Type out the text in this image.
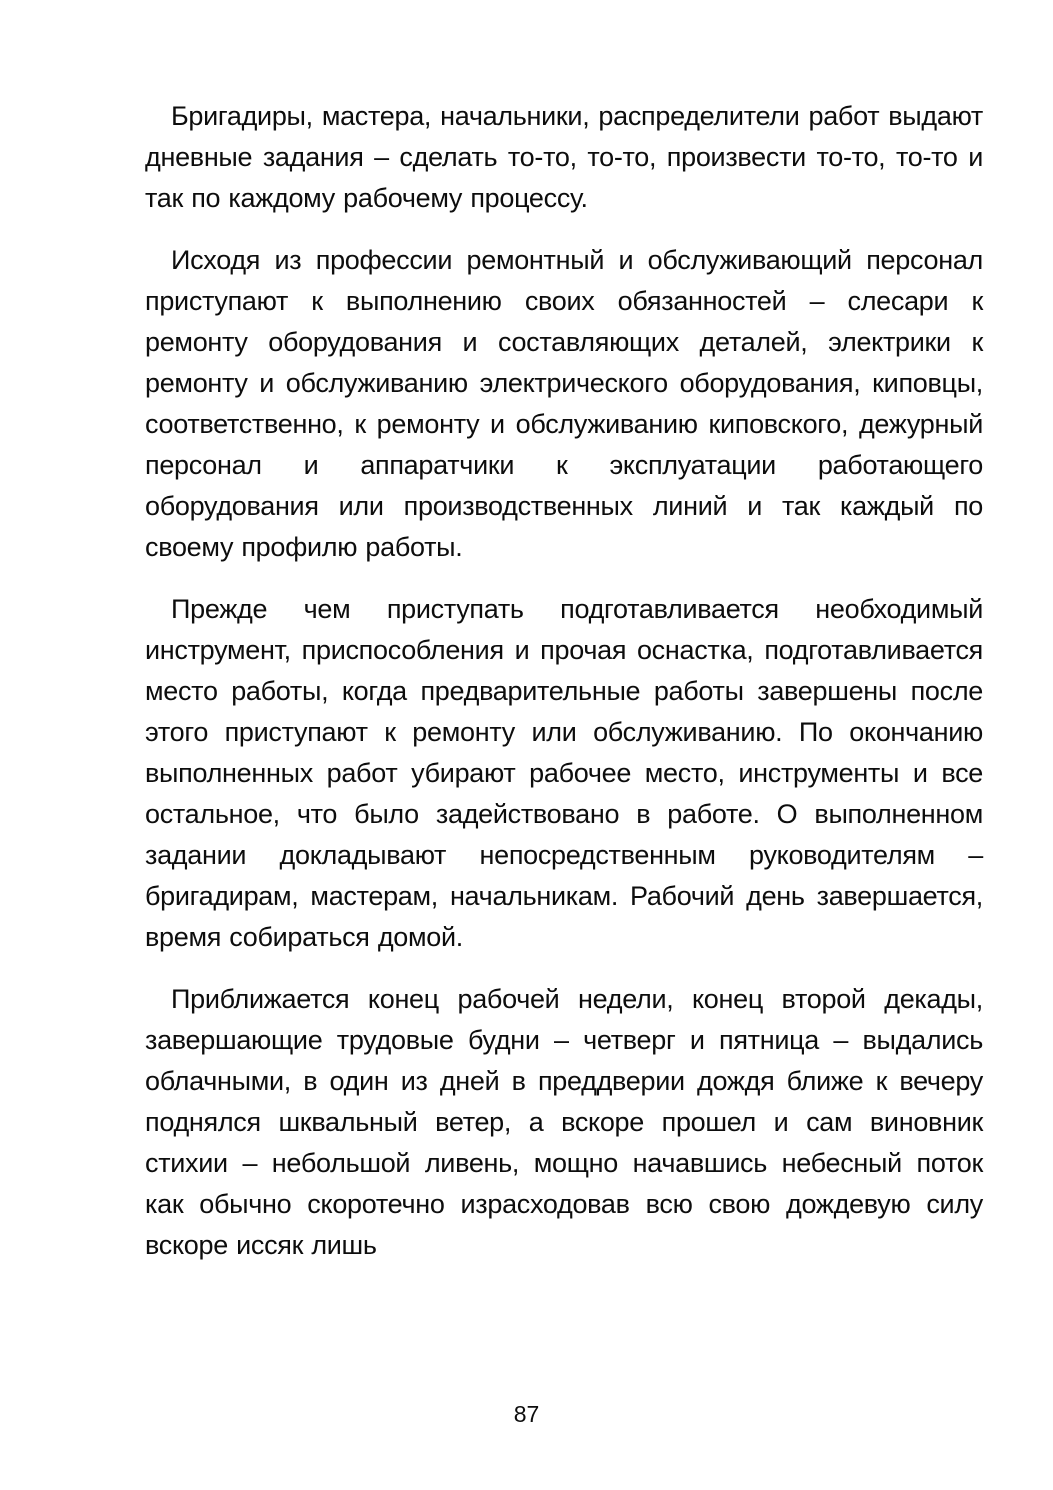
Бригадиры, мастера, начальники, распределители работ выдают дневные задания – сделать то-то, то-то, произвести то-то, то-то и так по каждому рабочему процессу.

Исходя из профессии ремонтный и обслуживающий персонал приступают к выполнению своих обязанностей – слесари к ремонту оборудования и составляющих деталей, электрики к ремонту и обслуживанию электрического оборудования, киповцы, соответственно, к ремонту и обслуживанию киповского, дежурный персонал и аппаратчики к эксплуатации работающего оборудования или производственных линий и так каждый по своему профилю работы.

Прежде чем приступать подготавливается необходимый инструмент, приспособления и прочая оснастка, подготавливается место работы, когда предварительные работы завершены после этого приступают к ремонту или обслуживанию. По окончанию выполненных работ убирают рабочее место, инструменты и все остальное, что было задействовано в работе. О выполненном задании докладывают непосредственным руководителям – бригадирам, мастерам, начальникам. Рабочий день завершается, время собираться домой.

Приближается конец рабочей недели, конец второй декады, завершающие трудовые будни – четверг и пятница – выдались облачными, в один из дней в преддверии дождя ближе к вечеру поднялся шквальный ветер, а вскоре прошел и сам виновник стихии – небольшой ливень, мощно начавшись небесный поток как обычно скоротечно израсходовав всю свою дождевую силу вскоре иссяк лишь

87
